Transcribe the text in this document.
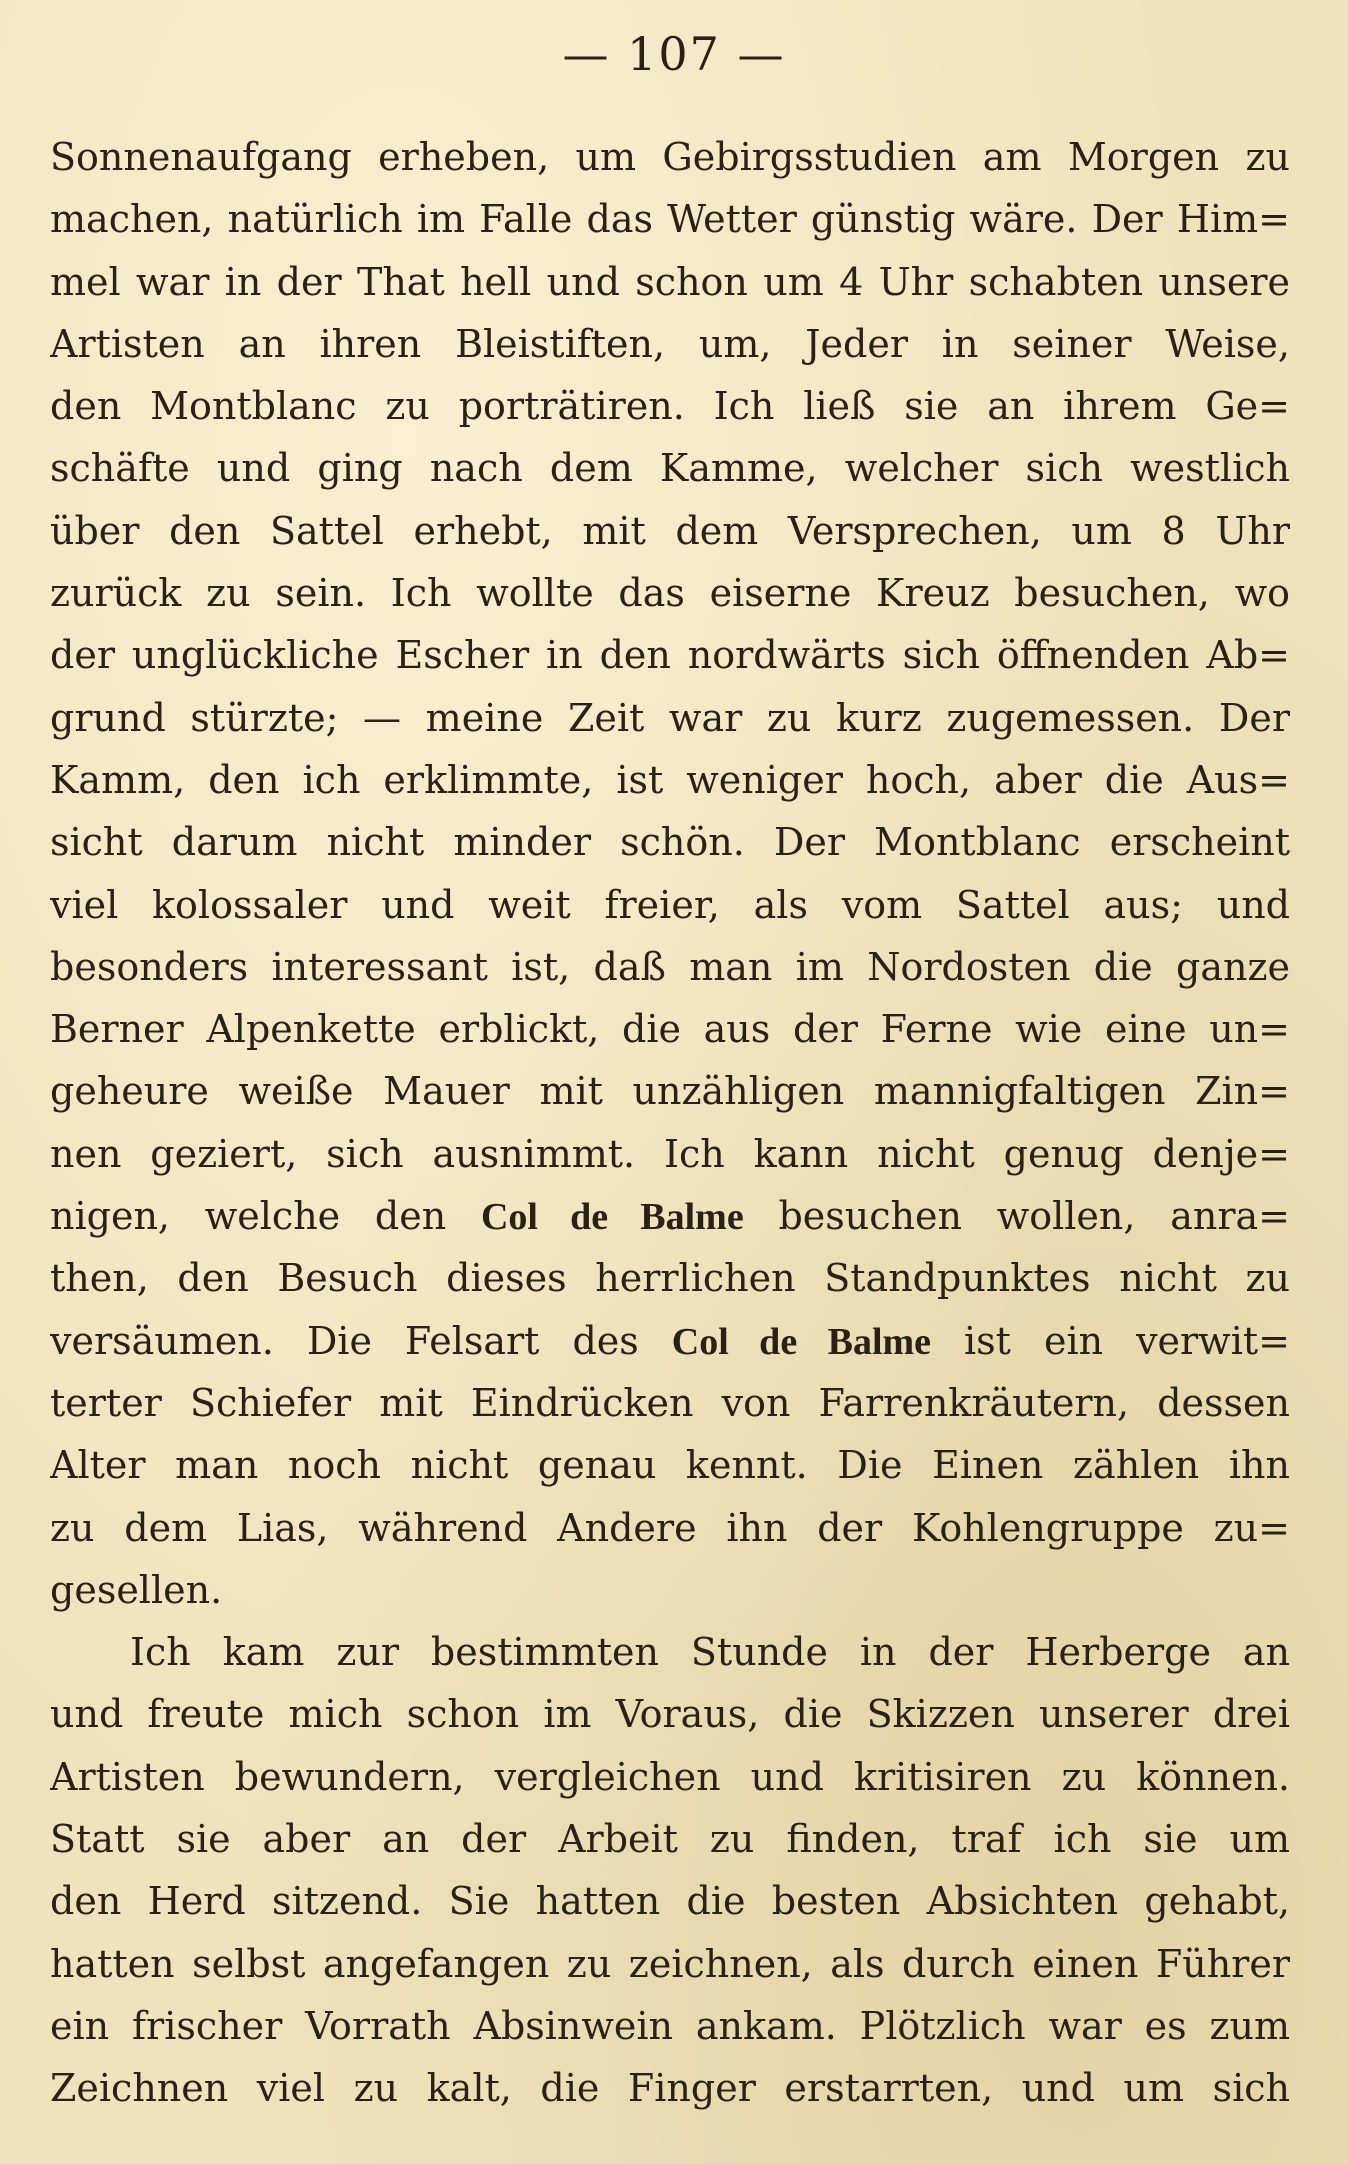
— 107 —
Sonnenaufgang erheben, um Gebirgsstudien am Morgen zu
machen, natürlich im Falle das Wetter günstig wäre. Der Him=
mel war in der That hell und schon um 4 Uhr schabten unsere
Artisten an ihren Bleistiften, um, Jeder in seiner Weise,
den Montblanc zu porträtiren. Ich ließ sie an ihrem Ge=
schäfte und ging nach dem Kamme, welcher sich westlich
über den Sattel erhebt, mit dem Versprechen, um 8 Uhr
zurück zu sein. Ich wollte das eiserne Kreuz besuchen, wo
der unglückliche Escher in den nordwärts sich öffnenden Ab=
grund stürzte; — meine Zeit war zu kurz zugemessen. Der
Kamm, den ich erklimmte, ist weniger hoch, aber die Aus=
sicht darum nicht minder schön. Der Montblanc erscheint
viel kolossaler und weit freier, als vom Sattel aus; und
besonders interessant ist, daß man im Nordosten die ganze
Berner Alpenkette erblickt, die aus der Ferne wie eine un=
geheure weiße Mauer mit unzähligen mannigfaltigen Zin=
nen geziert, sich ausnimmt. Ich kann nicht genug denje=
nigen, welche den Col de Balme besuchen wollen, anra=
then, den Besuch dieses herrlichen Standpunktes nicht zu
versäumen. Die Felsart des Col de Balme ist ein verwit=
terter Schiefer mit Eindrücken von Farrenkräutern, dessen
Alter man noch nicht genau kennt. Die Einen zählen ihn
zu dem Lias, während Andere ihn der Kohlengruppe zu=
gesellen.
Ich kam zur bestimmten Stunde in der Herberge an
und freute mich schon im Voraus, die Skizzen unserer drei
Artisten bewundern, vergleichen und kritisiren zu können.
Statt sie aber an der Arbeit zu finden, traf ich sie um
den Herd sitzend. Sie hatten die besten Absichten gehabt,
hatten selbst angefangen zu zeichnen, als durch einen Führer
ein frischer Vorrath Absinwein ankam. Plötzlich war es zum
Zeichnen viel zu kalt, die Finger erstarrten, und um sich
